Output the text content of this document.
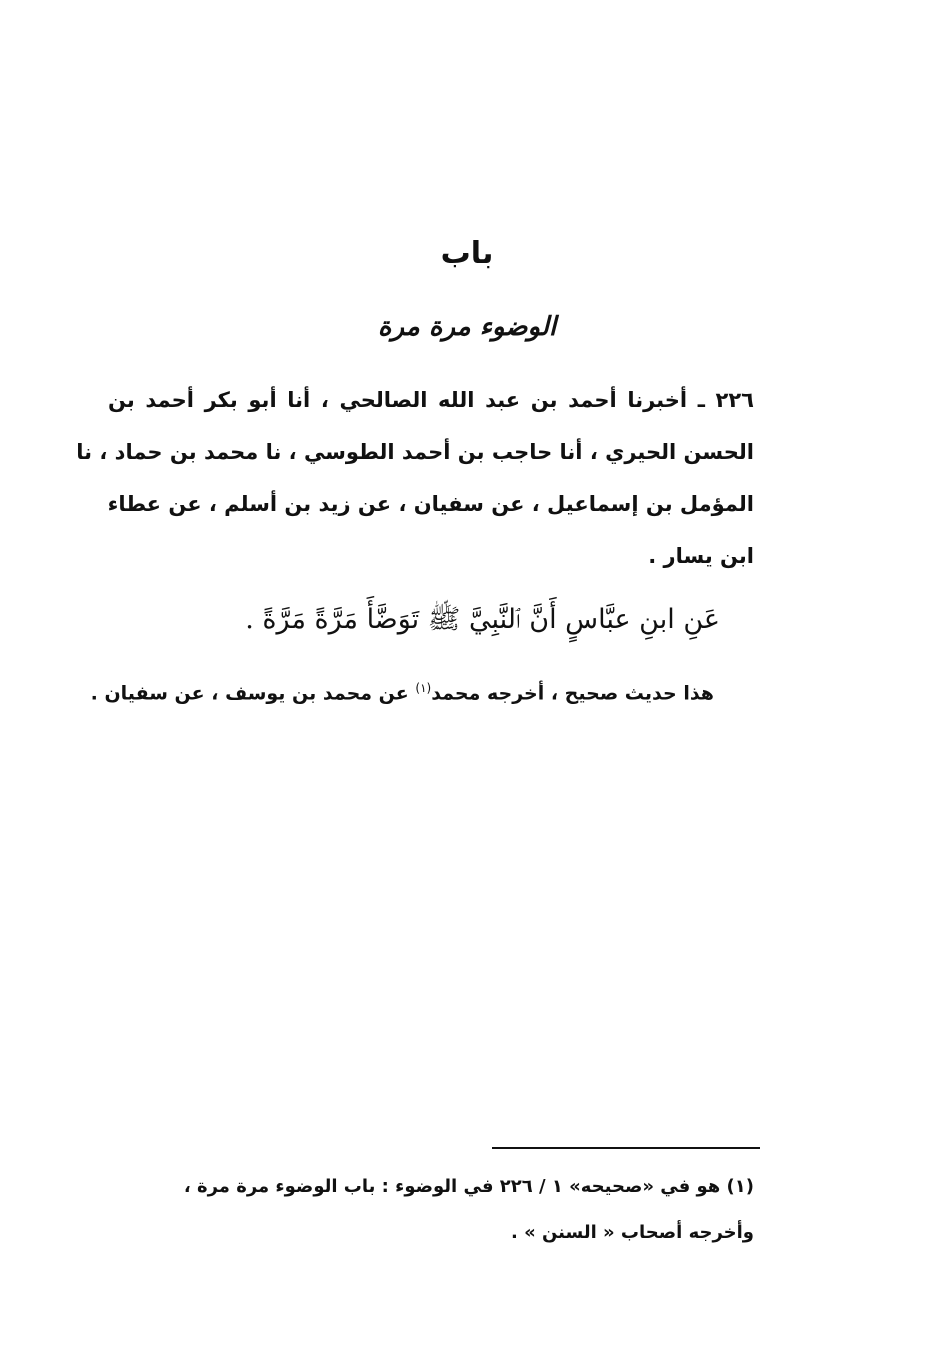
باب
الوضوء مرة مرة
٢٢٦ ـ أخبرنا أحمد بن عبد الله الصالحي ، أنا أبو بكر أحمد بن
الحسن الحيري ، أنا حاجب بن أحمد الطوسي ، نا محمد بن حماد ، نا
المؤمل بن إسماعيل ، عن سفيان ، عن زيد بن أسلم ، عن عطاء
ابن يسار .
عَنِ ابنِ عبَّاسٍ أَنَّ ٱلنَّبِيَّ ﷺ تَوَضَّأَ مَرَّةً مَرَّةً .
هذا حديث صحيح ، أخرجه محمد$^{(١)}$ عن محمد بن يوسف ، عن سفيان .
(١) هو في «صحيحه» ١ / ٢٢٦ في الوضوء : باب الوضوء مرة مرة ،
وأخرجه أصحاب « السنن » .
